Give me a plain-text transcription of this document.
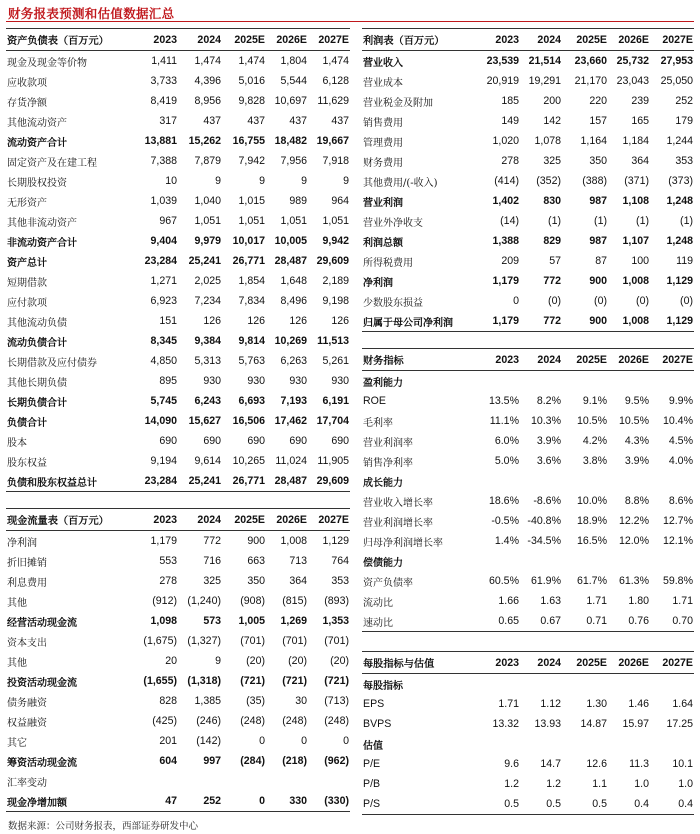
财务报表预测和估值数据汇总
资产负债表（百万元）	2023	2024	2025E	2026E	2027E
现金及现金等价物	1,411	1,474	1,474	1,804	1,474
应收款项	3,733	4,396	5,016	5,544	6,128
存货净额	8,419	8,956	9,828	10,697	11,629
其他流动资产	317	437	437	437	437
流动资产合计	13,881	15,262	16,755	18,482	19,667
固定资产及在建工程	7,388	7,879	7,942	7,956	7,918
长期股权投资	10	9	9	9	9
无形资产	1,039	1,040	1,015	989	964
其他非流动资产	967	1,051	1,051	1,051	1,051
非流动资产合计	9,404	9,979	10,017	10,005	9,942
资产总计	23,284	25,241	26,771	28,487	29,609
短期借款	1,271	2,025	1,854	1,648	2,189
应付款项	6,923	7,234	7,834	8,496	9,198
其他流动负债	151	126	126	126	126
流动负债合计	8,345	9,384	9,814	10,269	11,513
长期借款及应付债券	4,850	5,313	5,763	6,263	5,261
其他长期负债	895	930	930	930	930
长期负债合计	5,745	6,243	6,693	7,193	6,191
负债合计	14,090	15,627	16,506	17,462	17,704
股本	690	690	690	690	690
股东权益	9,194	9,614	10,265	11,024	11,905
负债和股东权益总计	23,284	25,241	26,771	28,487	29,609
利润表（百万元）	2023	2024	2025E	2026E	2027E
营业收入	23,539	21,514	23,660	25,732	27,953
营业成本	20,919	19,291	21,170	23,043	25,050
营业税金及附加	185	200	220	239	252
销售费用	149	142	157	165	179
管理费用	1,020	1,078	1,164	1,184	1,244
财务费用	278	325	350	364	353
其他费用/(-收入)	(414)	(352)	(388)	(371)	(373)
营业利润	1,402	830	987	1,108	1,248
营业外净收支	(14)	(1)	(1)	(1)	(1)
利润总额	1,388	829	987	1,107	1,248
所得税费用	209	57	87	100	119
净利润	1,179	772	900	1,008	1,129
少数股东损益	0	(0)	(0)	(0)	(0)
归属于母公司净利润	1,179	772	900	1,008	1,129
财务指标	2023	2024	2025E	2026E	2027E
盈利能力					
ROE	13.5%	8.2%	9.1%	9.5%	9.9%
毛利率	11.1%	10.3%	10.5%	10.5%	10.4%
营业利润率	6.0%	3.9%	4.2%	4.3%	4.5%
销售净利率	5.0%	3.6%	3.8%	3.9%	4.0%
成长能力					
营业收入增长率	18.6%	-8.6%	10.0%	8.8%	8.6%
营业利润增长率	-0.5%	-40.8%	18.9%	12.2%	12.7%
归母净利润增长率	1.4%	-34.5%	16.5%	12.0%	12.1%
偿债能力					
资产负债率	60.5%	61.9%	61.7%	61.3%	59.8%
流动比	1.66	1.63	1.71	1.80	1.71
速动比	0.65	0.67	0.71	0.76	0.70
现金流量表（百万元）	2023	2024	2025E	2026E	2027E
净利润	1,179	772	900	1,008	1,129
折旧摊销	553	716	663	713	764
利息费用	278	325	350	364	353
其他	(912)	(1,240)	(908)	(815)	(893)
经营活动现金流	1,098	573	1,005	1,269	1,353
资本支出	(1,675)	(1,327)	(701)	(701)	(701)
其他	20	9	(20)	(20)	(20)
投资活动现金流	(1,655)	(1,318)	(721)	(721)	(721)
债务融资	828	1,385	(35)	30	(713)
权益融资	(425)	(246)	(248)	(248)	(248)
其它	201	(142)	0	0	0
筹资活动现金流	604	997	(284)	(218)	(962)
汇率变动					
现金净增加额	47	252	0	330	(330)
每股指标与估值	2023	2024	2025E	2026E	2027E
每股指标					
EPS	1.71	1.12	1.30	1.46	1.64
BVPS	13.32	13.93	14.87	15.97	17.25
估值					
P/E	9.6	14.7	12.6	11.3	10.1
P/B	1.2	1.2	1.1	1.0	1.0
P/S	0.5	0.5	0.5	0.4	0.4
数据来源：公司财务报表，西部证券研发中心
